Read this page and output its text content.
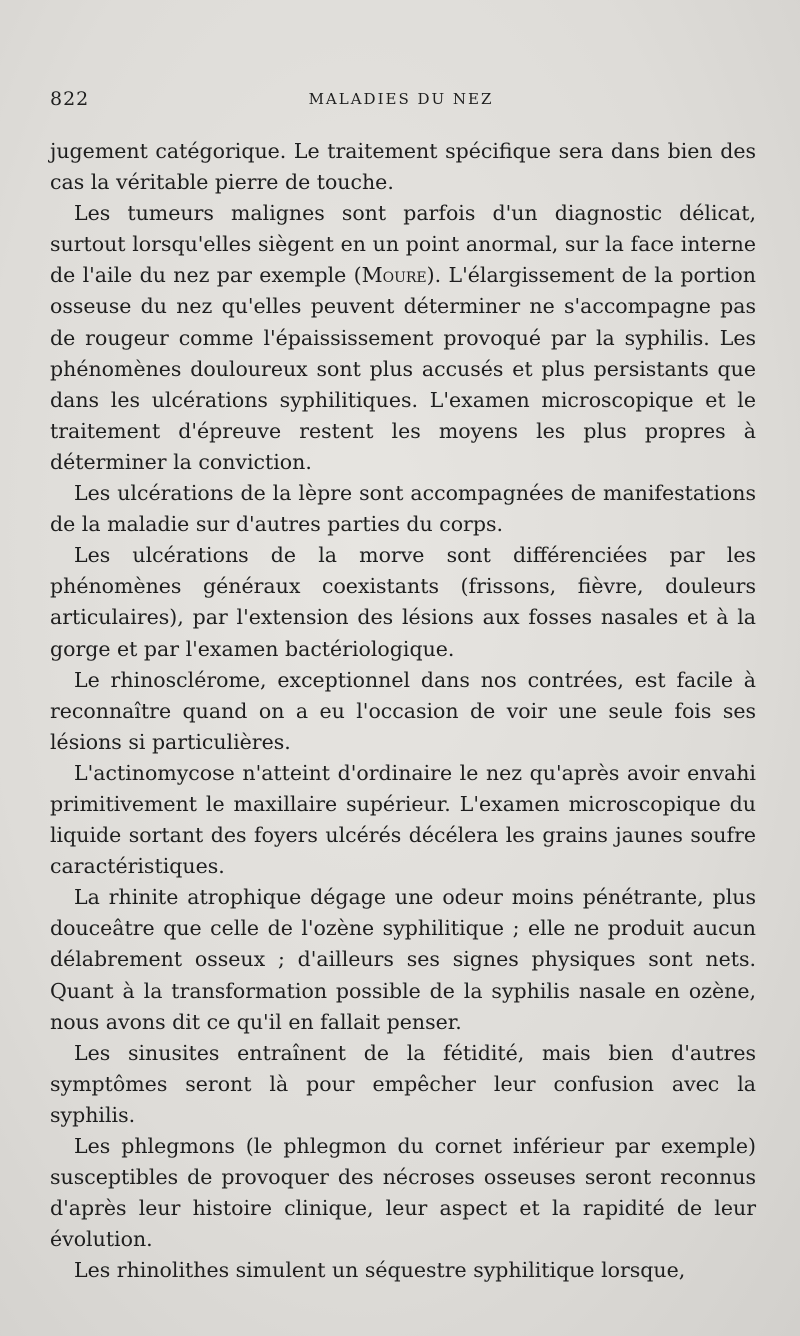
822	MALADIES DU NEZ

jugement catégorique. Le traitement spécifique sera dans bien des cas la véritable pierre de touche.

Les tumeurs malignes sont parfois d'un diagnostic délicat, surtout lorsqu'elles siègent en un point anormal, sur la face interne de l'aile du nez par exemple (Moure). L'élargissement de la portion osseuse du nez qu'elles peuvent déterminer ne s'accompagne pas de rougeur comme l'épaississement provoqué par la syphilis. Les phénomènes douloureux sont plus accusés et plus persistants que dans les ulcérations syphilitiques. L'examen microscopique et le traitement d'épreuve restent les moyens les plus propres à déterminer la conviction.

Les ulcérations de la lèpre sont accompagnées de manifestations de la maladie sur d'autres parties du corps.

Les ulcérations de la morve sont différenciées par les phénomènes généraux coexistants (frissons, fièvre, douleurs articulaires), par l'extension des lésions aux fosses nasales et à la gorge et par l'examen bactériologique.

Le rhinosclérome, exceptionnel dans nos contrées, est facile à reconnaître quand on a eu l'occasion de voir une seule fois ses lésions si particulières.

L'actinomycose n'atteint d'ordinaire le nez qu'après avoir envahi primitivement le maxillaire supérieur. L'examen microscopique du liquide sortant des foyers ulcérés décélera les grains jaunes soufre caractéristiques.

La rhinite atrophique dégage une odeur moins pénétrante, plus douceâtre que celle de l'ozène syphilitique ; elle ne produit aucun délabrement osseux ; d'ailleurs ses signes physiques sont nets. Quant à la transformation possible de la syphilis nasale en ozène, nous avons dit ce qu'il en fallait penser.

Les sinusites entraînent de la fétidité, mais bien d'autres symptômes seront là pour empêcher leur confusion avec la syphilis.

Les phlegmons (le phlegmon du cornet inférieur par exemple) susceptibles de provoquer des nécroses osseuses seront reconnus d'après leur histoire clinique, leur aspect et la rapidité de leur évolution.

Les rhinolithes simulent un séquestre syphilitique lorsque,
